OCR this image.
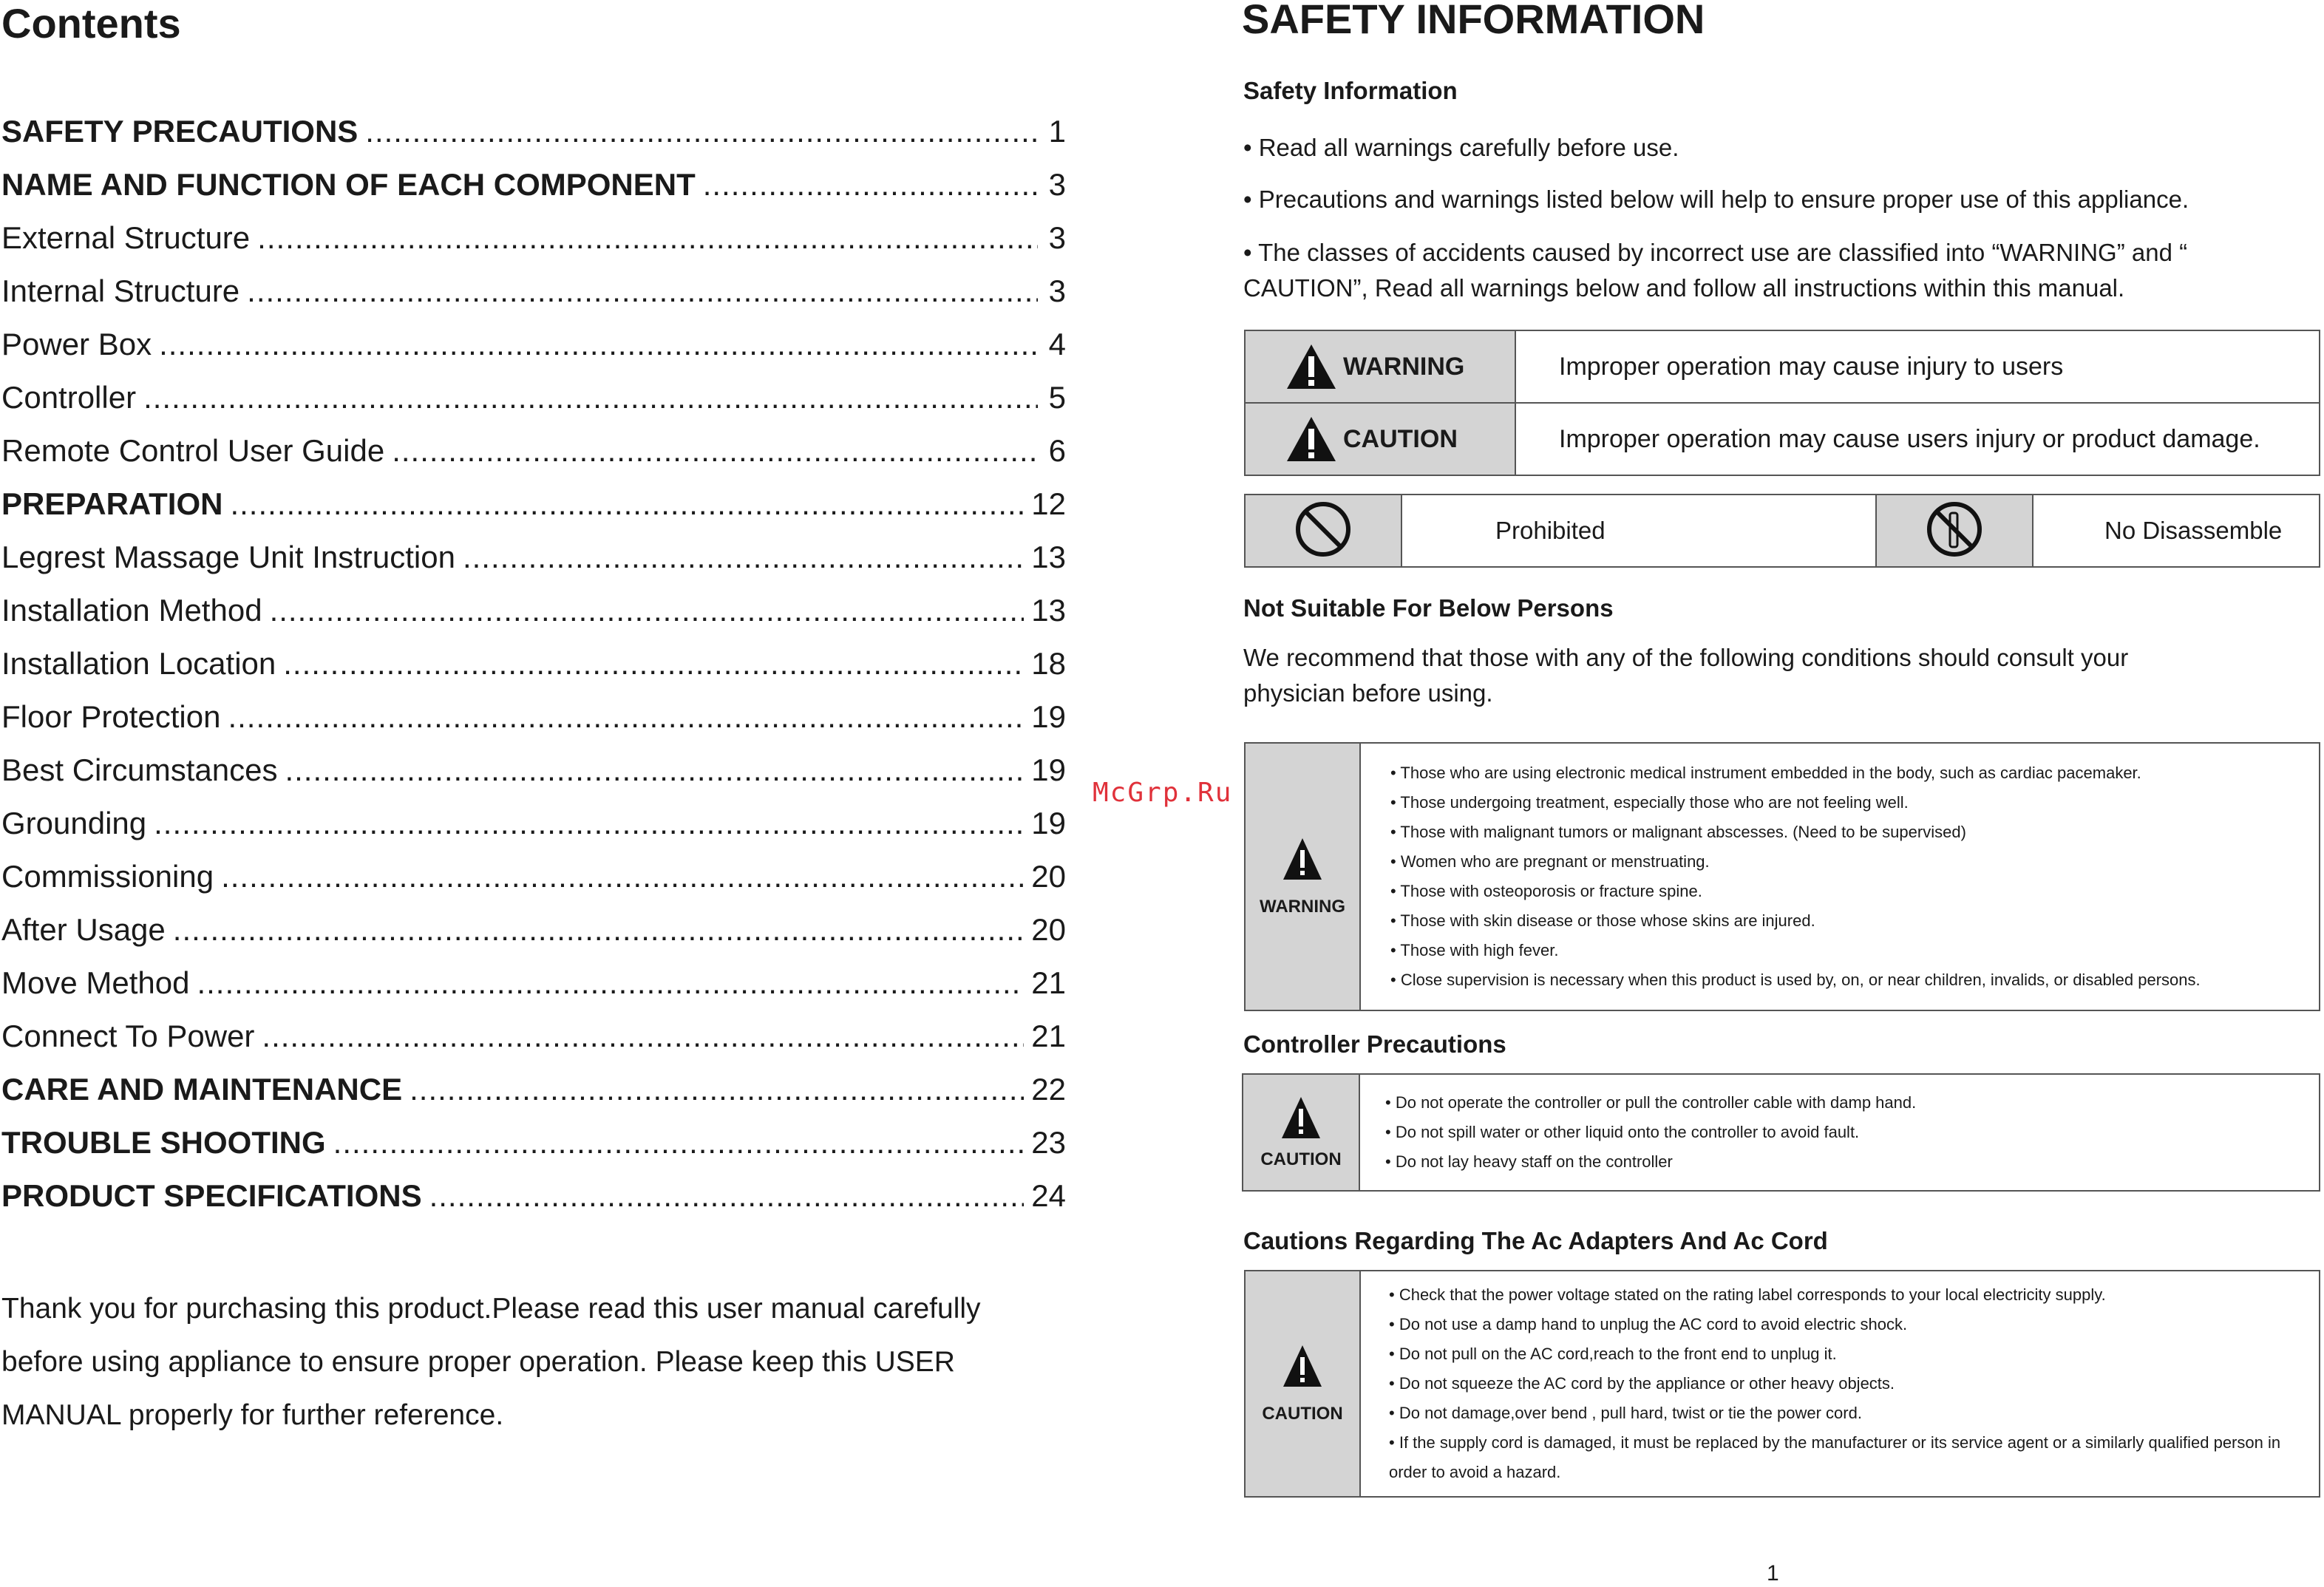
Contents
SAFETY PRECAUTIONS .....	1
NAME AND FUNCTION OF EACH COMPONENT .....	3
External Structure .....	3
Internal Structure .....	3
Power Box .....	4
Controller .....	5
Remote Control User Guide .....	6
PREPARATION .....	12
Legrest Massage Unit Instruction .....	13
Installation Method .....	13
Installation Location .....	18
Floor Protection .....	19
Best Circumstances .....	19
Grounding .....	19
Commissioning .....	20
After Usage .....	20
Move Method .....	21
Connect To Power .....	21
CARE AND MAINTENANCE .....	22
TROUBLE SHOOTING .....	23
PRODUCT SPECIFICATIONS .....	24
Thank you for purchasing this product.Please read this user manual carefully
before using appliance to ensure proper operation. Please keep this USER
MANUAL properly for further reference.
McGrp.Ru
SAFETY INFORMATION
Safety Information
• Read all warnings carefully before use.
• Precautions and warnings listed below will help to ensure proper use of this appliance.
• The classes of accidents caused by incorrect use are classified into “WARNING” and “
CAUTION”, Read all warnings below and follow all instructions within this manual.
WARNING	Improper operation may cause injury to users

CAUTION	Improper operation may cause users injury or product damage.
	Prohibited		No Disassemble
Not Suitable For Below Persons
We recommend that those with any of the following conditions should consult your
physician before using.
WARNING

• Those who are using electronic medical instrument embedded in the body, such as cardiac pacemaker.
• Those undergoing treatment, especially those who are not feeling well.
• Those with malignant tumors or malignant abscesses. (Need to be supervised)
• Women who are pregnant or menstruating.
• Those with osteoporosis or fracture spine.
• Those with skin disease or those whose skins are injured.
• Those with high fever.
• Close supervision is necessary when this product is used by, on, or near children, invalids, or disabled persons.
Controller Precautions
CAUTION

• Do not operate the controller or pull the controller cable with damp hand.
• Do not spill water or other liquid onto the controller to avoid fault.
• Do not lay heavy staff on the controller
Cautions Regarding The Ac Adapters And Ac Cord
CAUTION

• Check that the power voltage stated on the rating label corresponds to your local electricity supply.
• Do not use a damp hand to unplug the AC cord to avoid electric shock.
• Do not pull on the AC cord,reach to the front end to unplug it.
• Do not squeeze the AC cord by the appliance or other heavy objects.
• Do not damage,over bend , pull hard, twist or tie the power cord.
• If the supply cord is damaged, it must be replaced by the manufacturer or its service agent or a similarly qualified person in order to avoid a hazard.
1
